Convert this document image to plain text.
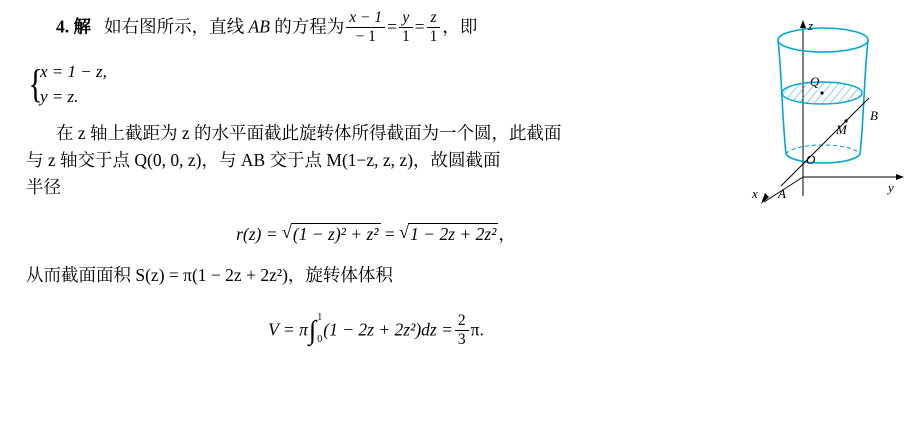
4. 解 如右图所示，直线 AB 的方程为 $\frac{x - 1}{- 1} = \frac{y}{1} = \frac{z}{1}$ ，即
{
x = 1 − z,
y = z.
在 z 轴上截距为 z 的水平面截此旋转体所得截面为一个圆，此截面
与 z 轴交于点 Q(0, 0, z)，与 AB 交于点 M(1−z, z, z)，故圆截面
半径
r(z) = √ (1 − z)² + z² = √ 1 − 2z + 2z² ，
从而截面面积 S(z) = π(1 − 2z + 2z²)，旋转体体积
V = π∫ 1
0
$(1 - 2z + 2z^2)dz = \frac{2}{3} \pi$.
z
y
x
Q
B
M
O
A
